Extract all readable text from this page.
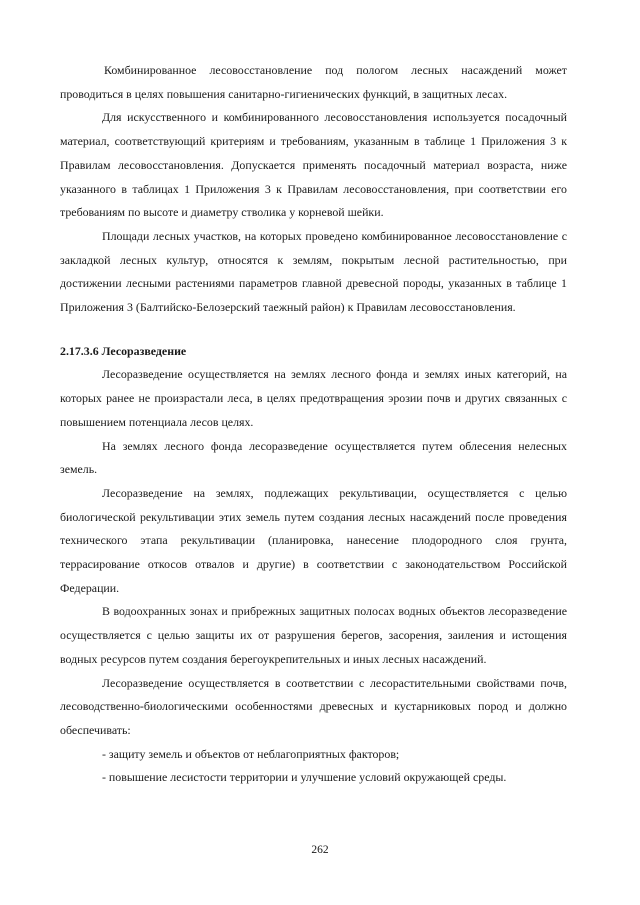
Комбинированное лесовосстановление под пологом лесных насаждений может проводиться в целях повышения санитарно-гигиенических функций, в защитных лесах.

Для искусственного и комбинированного лесовосстановления используется посадочный материал, соответствующий критериям и требованиям, указанным в таблице 1 Приложения 3 к Правилам лесовосстановления. Допускается применять посадочный материал возраста, ниже указанного в таблицах 1 Приложения 3 к Правилам лесовосстановления, при соответствии его требованиям по высоте и диаметру стволика у корневой шейки.

Площади лесных участков, на которых проведено комбинированное лесовосстановление с закладкой лесных культур, относятся к землям, покрытым лесной растительностью, при достижении лесными растениями параметров главной древесной породы, указанных в таблице 1 Приложения 3 (Балтийско-Белозерский таежный район) к Правилам лесовосстановления.

2.17.3.6 Лесоразведение

Лесоразведение осуществляется на землях лесного фонда и землях иных категорий, на которых ранее не произрастали леса, в целях предотвращения эрозии почв и других связанных с повышением потенциала лесов целях.

На землях лесного фонда лесоразведение осуществляется путем облесения нелесных земель.

Лесоразведение на землях, подлежащих рекультивации, осуществляется с целью биологической рекультивации этих земель путем создания лесных насаждений после проведения технического этапа рекультивации (планировка, нанесение плодородного слоя грунта, террасирование откосов отвалов и другие) в соответствии с законодательством Российской Федерации.

В водоохранных зонах и прибрежных защитных полосах водных объектов лесоразведение осуществляется с целью защиты их от разрушения берегов, засорения, заиления и истощения водных ресурсов путем создания берегоукрепительных и иных лесных насаждений.

Лесоразведение осуществляется в соответствии с лесорастительными свойствами почв, лесоводственно-биологическими особенностями древесных и кустарниковых пород и должно обеспечивать:

- защиту земель и объектов от неблагоприятных факторов;

- повышение лесистости территории и улучшение условий окружающей среды.

262
